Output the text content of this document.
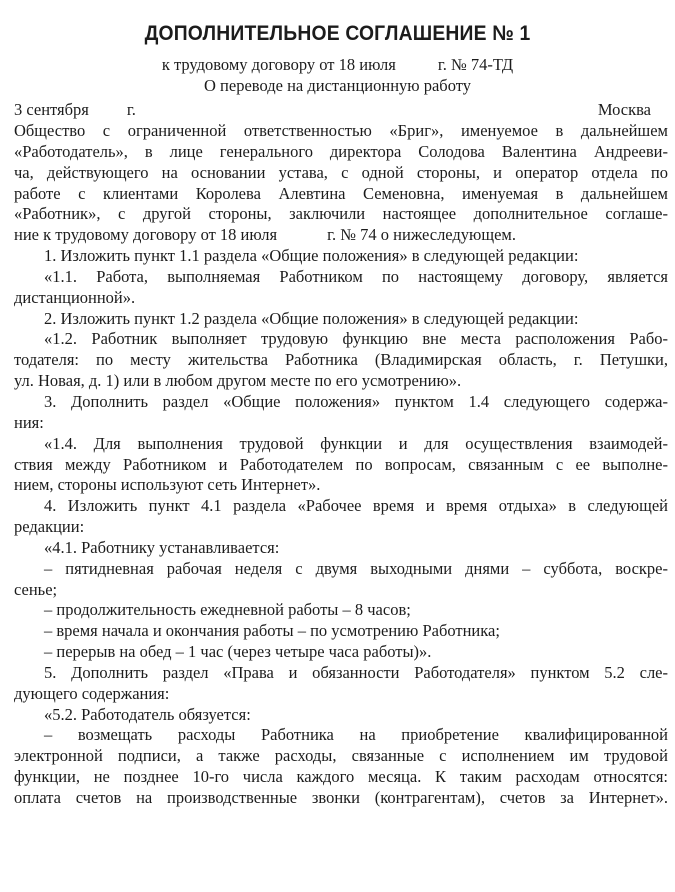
ДОПОЛНИТЕЛЬНОЕ СОГЛАШЕНИЕ № 1
к трудовому договору от 18 июля	г. № 74-ТД
О переводе на дистанционную работу
3 сентября г.	Москва
Общество с ограниченной ответственностью «Бриг», именуемое в дальнейшем
«Работодатель», в лице генерального директора Солодова Валентина Андрееви-
ча, действующего на основании устава, с одной стороны, и оператор отдела по
работе с клиентами Королева Алевтина Семеновна, именуемая в дальнейшем
«Работник», с другой стороны, заключили настоящее дополнительное соглаше-
ние к трудовому договору от 18 июля	г. № 74 о нижеследующем.
1. Изложить пункт 1.1 раздела «Общие положения» в следующей редакции:
«1.1. Работа, выполняемая Работником по настоящему договору, является
дистанционной».
2. Изложить пункт 1.2 раздела «Общие положения» в следующей редакции:
«1.2. Работник выполняет трудовую функцию вне места расположения Рабо-
тодателя: по месту жительства Работника (Владимирская область, г. Петушки,
ул. Новая, д. 1) или в любом другом месте по его усмотрению».
3. Дополнить раздел «Общие положения» пунктом 1.4 следующего содержа-
ния:
«1.4. Для выполнения трудовой функции и для осуществления взаимодей-
ствия между Работником и Работодателем по вопросам, связанным с ее выполне-
нием, стороны используют сеть Интернет».
4. Изложить пункт 4.1 раздела «Рабочее время и время отдыха» в следующей
редакции:
«4.1. Работнику устанавливается:
– пятидневная рабочая неделя с двумя выходными днями – суббота, воскре-
сенье;
– продолжительность ежедневной работы – 8 часов;
– время начала и окончания работы – по усмотрению Работника;
– перерыв на обед – 1 час (через четыре часа работы)».
5. Дополнить раздел «Права и обязанности Работодателя» пунктом 5.2 сле-
дующего содержания:
«5.2. Работодатель обязуется:
– возмещать расходы Работника на приобретение квалифицированной
электронной подписи, а также расходы, связанные с исполнением им трудовой
функции, не позднее 10-го числа каждого месяца. К таким расходам относятся:
оплата счетов на производственные звонки (контрагентам), счетов за Интернет».
